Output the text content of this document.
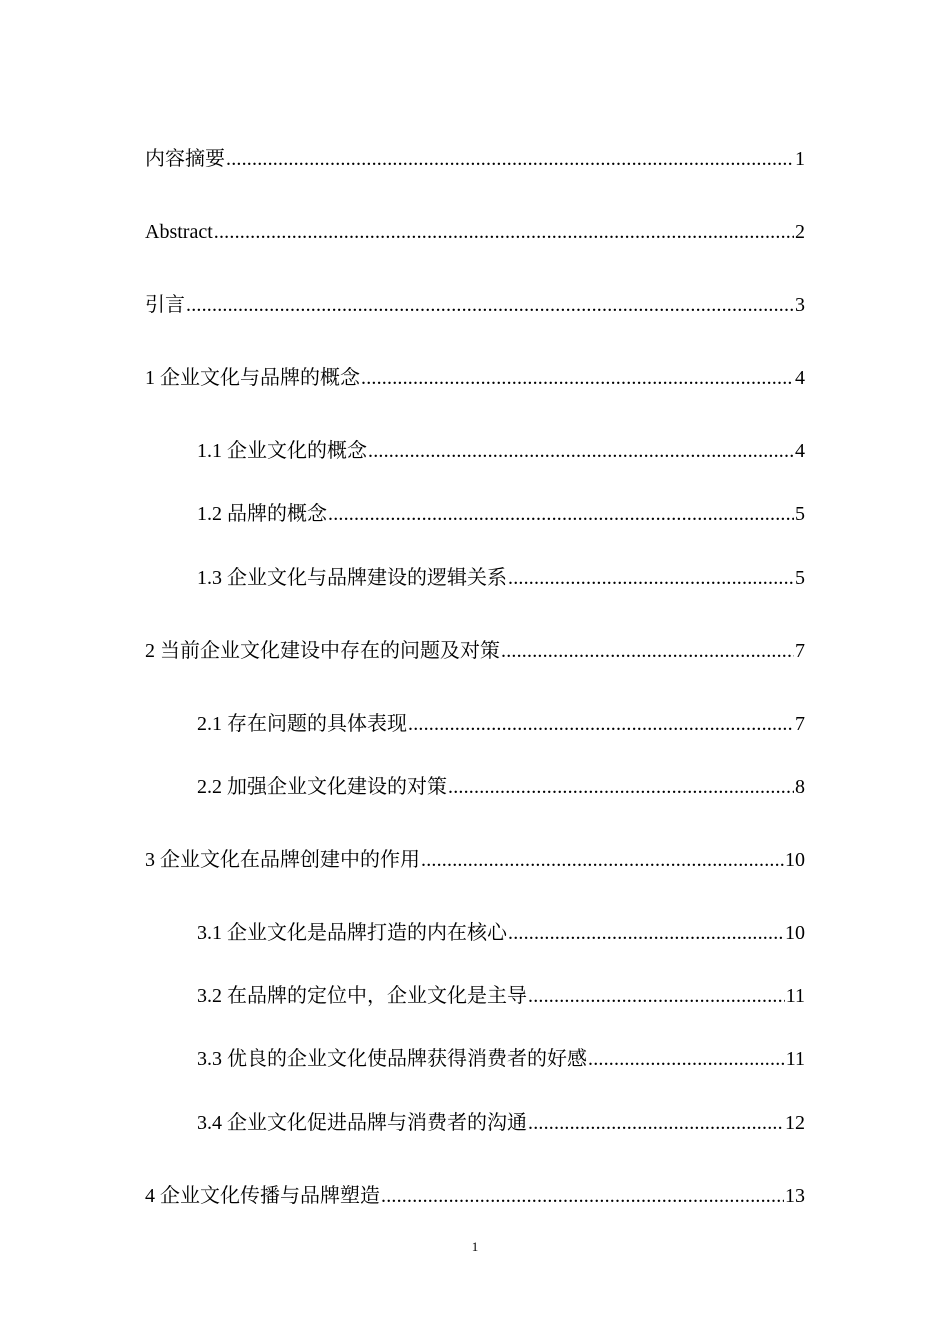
内容摘要 .....	1
Abstract .....	2
引言 .....	3
1 企业文化与品牌的概念 .....	4
1.1 企业文化的概念 .....	4
1.2 品牌的概念 .....	5
1.3 企业文化与品牌建设的逻辑关系 .....	5
2 当前企业文化建设中存在的问题及对策 .....	7
2.1 存在问题的具体表现 .....	7
2.2 加强企业文化建设的对策 .....	8
3 企业文化在品牌创建中的作用 .....	10
3.1 企业文化是品牌打造的内在核心 .....	10
3.2 在品牌的定位中，企业文化是主导 .....	11
3.3 优良的企业文化使品牌获得消费者的好感 .....	11
3.4 企业文化促进品牌与消费者的沟通 .....	12
4 企业文化传播与品牌塑造 .....	13
1
